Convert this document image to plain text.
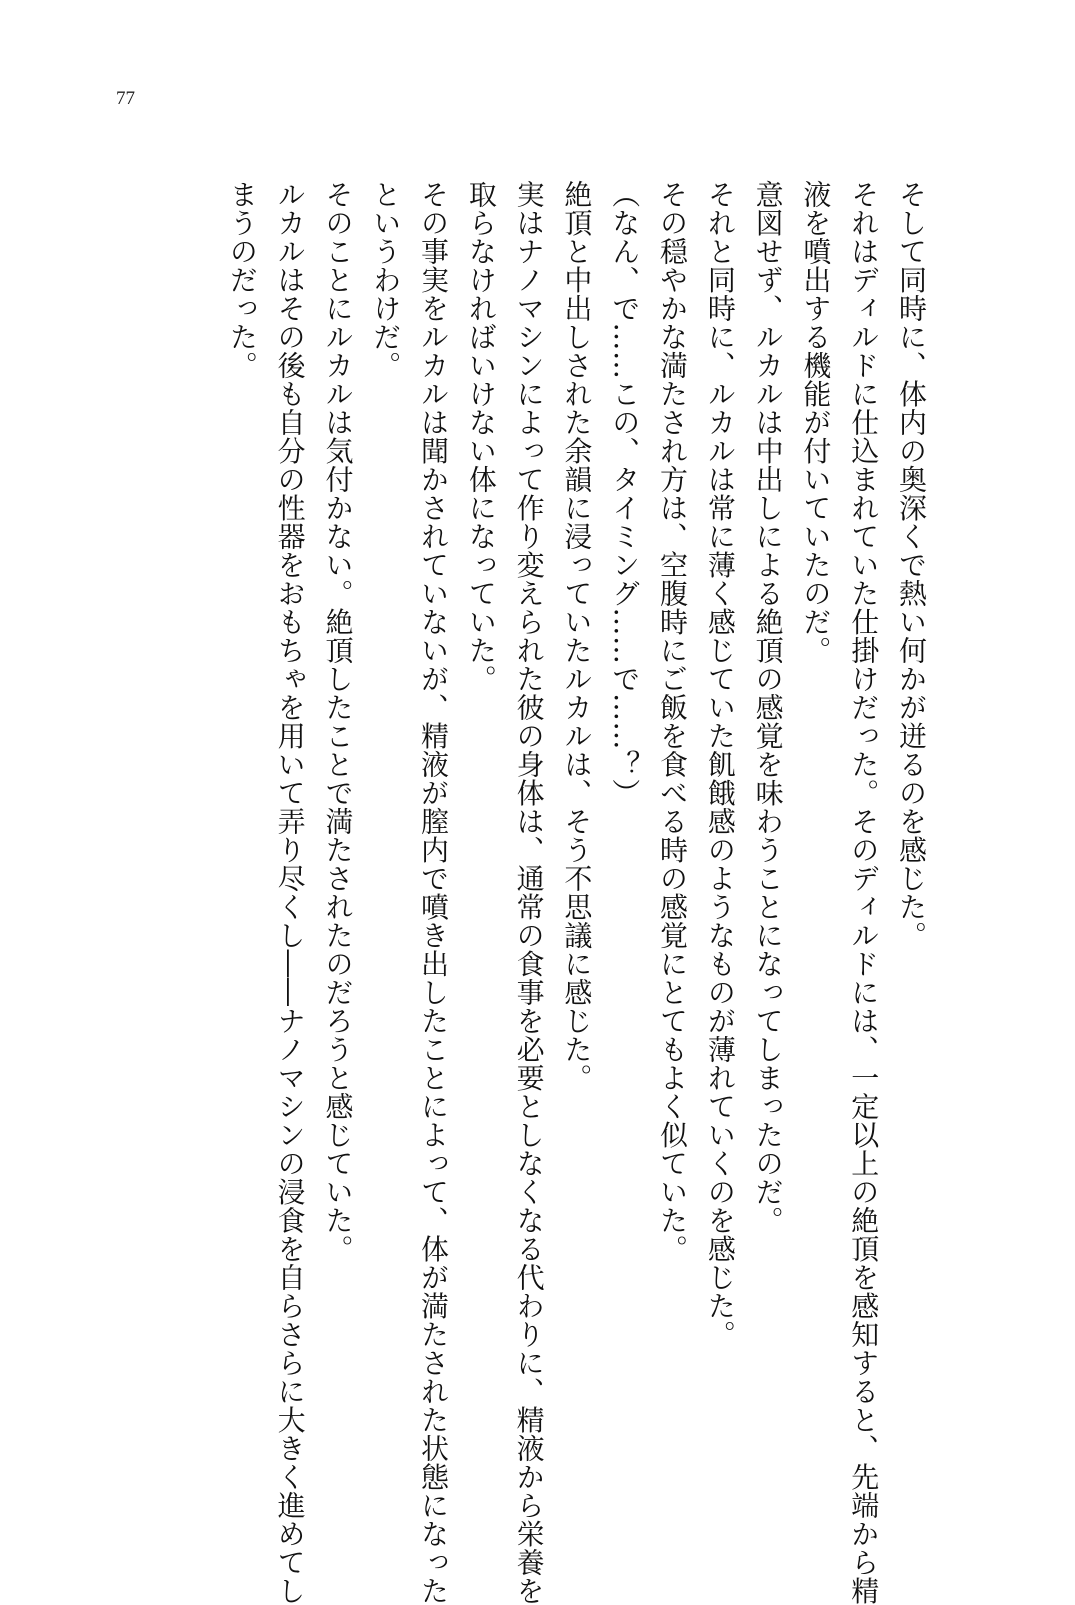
77
そして同時に、体内の奥深くで熱い何かが迸るのを感じた。
それはディルドに仕込まれていた仕掛けだった。そのディルドには、一定以上の絶頂を感知すると、先端から精
液を噴出する機能が付いていたのだ。
意図せず、ルカルは中出しによる絶頂の感覚を味わうことになってしまったのだ。
それと同時に、ルカルは常に薄く感じていた飢餓感のようなものが薄れていくのを感じた。
その穏やかな満たされ方は、空腹時にご飯を食べる時の感覚にとてもよく似ていた。
（なん、で……この、タイミング……で……？）
絶頂と中出しされた余韻に浸っていたルカルは、そう不思議に感じた。
実はナノマシンによって作り変えられた彼の身体は、通常の食事を必要としなくなる代わりに、精液から栄養を
取らなければいけない体になっていた。
その事実をルカルは聞かされていないが、精液が膣内で噴き出したことによって、体が満たされた状態になった
というわけだ。
そのことにルカルは気付かない。絶頂したことで満たされたのだろうと感じていた。
ルカルはその後も自分の性器をおもちゃを用いて弄り尽くし――ナノマシンの浸食を自らさらに大きく進めてし
まうのだった。
